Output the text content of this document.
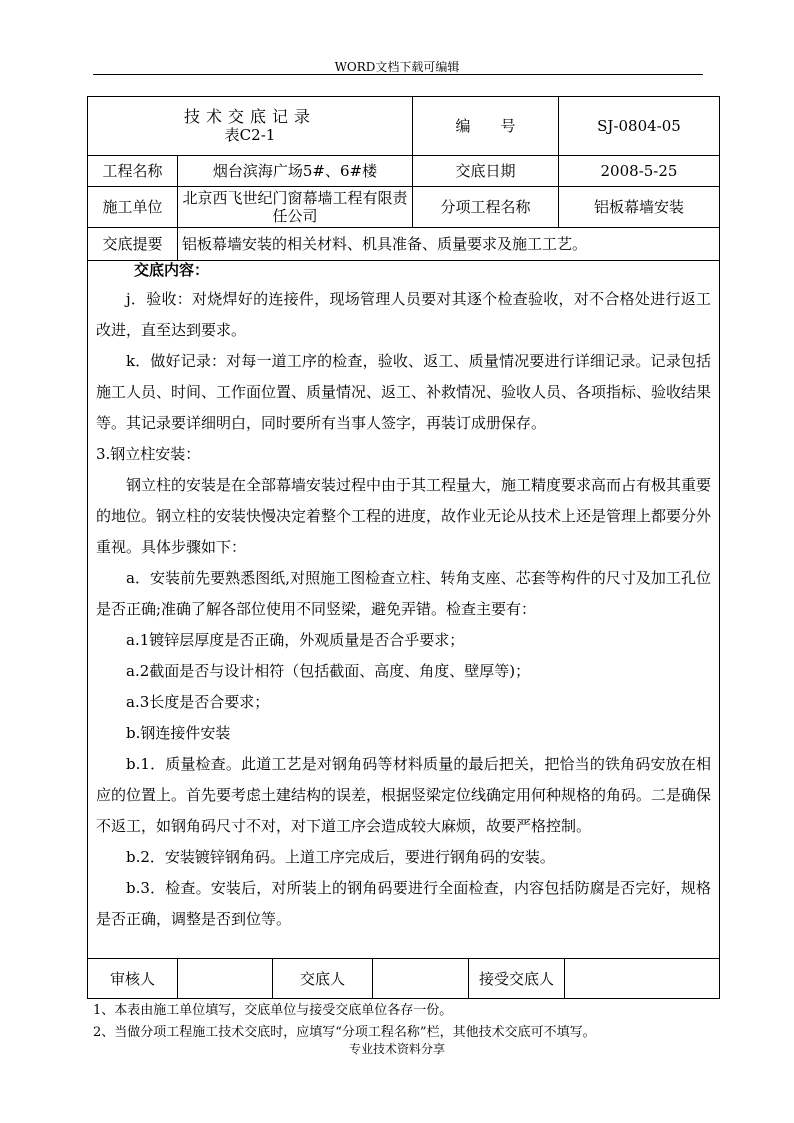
WORD文档下载可编辑
技术交底记录
表C2-1	编　　号	SJ-0804-05
工程名称	烟台滨海广场5#、6#楼	交底日期	2008-5-25
施工单位	北京西飞世纪门窗幕墙工程有限责任公司	分项工程名称	铝板幕墙安装
交底提要	铝板幕墙安装的相关材料、机具准备、质量要求及施工工艺。

交底内容：

j．验收：对烧焊好的连接件，现场管理人员要对其逐个检查验收，对不合格处进行返工改进，直至达到要求。

k．做好记录：对每一道工序的检查，验收、返工、质量情况要进行详细记录。记录包括施工人员、时间、工作面位置、质量情况、返工、补救情况、验收人员、各项指标、验收结果等。其记录要详细明白，同时要所有当事人签字，再装订成册保存。

3.钢立柱安装：

钢立柱的安装是在全部幕墙安装过程中由于其工程量大，施工精度要求高而占有极其重要的地位。钢立柱的安装快慢决定着整个工程的进度，故作业无论从技术上还是管理上都要分外重视。具体步骤如下：

a．安装前先要熟悉图纸,对照施工图检查立柱、转角支座、芯套等构件的尺寸及加工孔位是否正确;准确了解各部位使用不同竖梁，避免弄错。检查主要有：

a.1镀锌层厚度是否正确，外观质量是否合乎要求；

a.2截面是否与设计相符（包括截面、高度、角度、壁厚等)；

a.3长度是否合要求；

b.钢连接件安装

b.1．质量检查。此道工艺是对钢角码等材料质量的最后把关，把恰当的铁角码安放在相应的位置上。首先要考虑土建结构的误差，根据竖梁定位线确定用何种规格的角码。二是确保不返工，如钢角码尺寸不对，对下道工序会造成较大麻烦，故要严格控制。

b.2．安装镀锌钢角码。上道工序完成后，要进行钢角码的安装。

b.3．检查。安装后，对所装上的钢角码要进行全面检查，内容包括防腐是否完好，规格是否正确，调整是否到位等。

审核人	交底人	接受交底人
1、本表由施工单位填写，交底单位与接受交底单位各存一份。
2、当做分项工程施工技术交底时，应填写“分项工程名称”栏，其他技术交底可不填写。
专业技术资料分享
